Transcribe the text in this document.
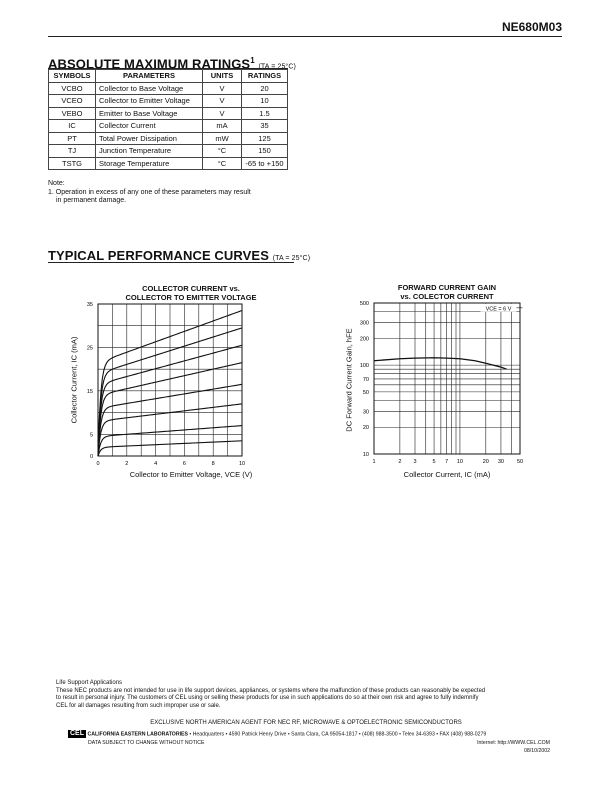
NE680M03
ABSOLUTE MAXIMUM RATINGS$^1$ (TA = 25°C)
SYMBOLS	PARAMETERS	UNITS	RATINGS
VCBO	Collector to Base Voltage	V	20
VCEO	Collector to Emitter Voltage	V	10
VEBO	Emitter to Base Voltage	V	1.5
IC	Collector Current	mA	35
PT	Total Power Dissipation	mW	125
TJ	Junction Temperature	°C	150
TSTG	Storage Temperature	°C	-65 to +150
Note:
1. Operation in excess of any one of these parameters may result
in permanent damage.
TYPICAL PERFORMANCE CURVES (TA = 25°C)
COLLECTOR CURRENT vs.
COLLECTOR TO EMITTER VOLTAGE
0	2	4	6	8	10
0
5
15
25
35
Collector to Emitter Voltage, VCE (V)
Collector Current, IC (mA)
FORWARD CURRENT GAIN
vs. COLECTOR CURRENT
1	2 3	5 7 10	20 30 50
10
20
30
50
70
100
200
300
500
VCE = 6 V
Collector Current, IC (mA)
DC Forward Current Gain, hFE
Life Support Applications
These NEC products are not intended for use in life support devices, appliances, or systems where the malfunction of these products can reasonably be expected
to result in personal injury. The customers of CEL using or selling these products for use in such applications do so at their own risk and agree to fully indemnify
CEL for all damages resulting from such improper use or sale.
EXCLUSIVE NORTH AMERICAN AGENT FOR NEC RF, MICROWAVE & OPTOELECTRONIC SEMICONDUCTORS
CEL CALIFORNIA EASTERN LABORATORIES • Headquarters • 4590 Patrick Henry Drive • Santa Clara, CA 95054-1817 • (408) 988-3500 • Telex 34-6393 • FAX (408) 988-0279
DATA SUBJECT TO CHANGE WITHOUT NOTICE	Internet: http://WWW.CEL.COM
08/10/2002
